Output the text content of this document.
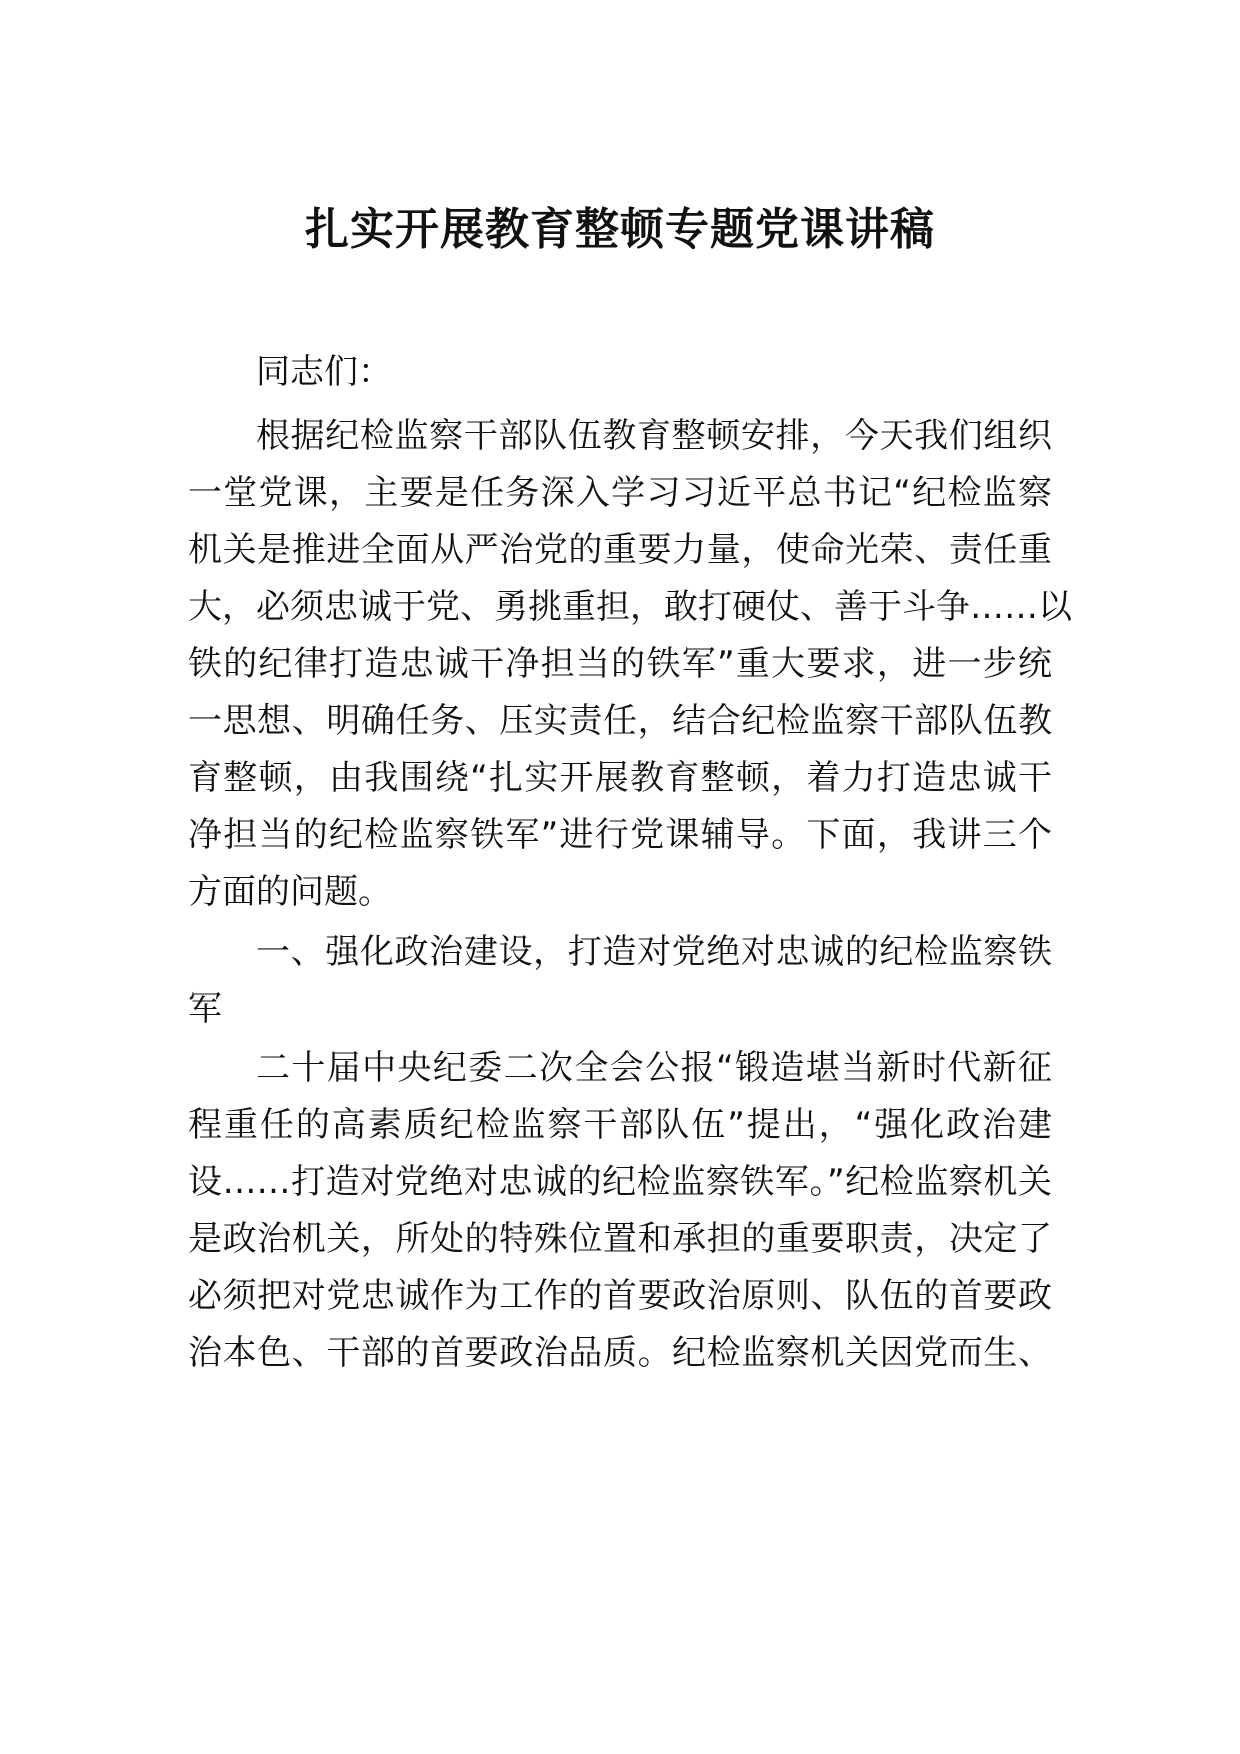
扎实开展教育整顿专题党课讲稿
同志们：
根据纪检监察干部队伍教育整顿安排，今天我们组织
一堂党课，主要是任务深入学习习近平总书记“纪检监察
机关是推进全面从严治党的重要力量，使命光荣、责任重
大，必须忠诚于党、勇挑重担，敢打硬仗、善于斗争……以
铁的纪律打造忠诚干净担当的铁军”重大要求，进一步统
一思想、明确任务、压实责任，结合纪检监察干部队伍教
育整顿，由我围绕“扎实开展教育整顿，着力打造忠诚干
净担当的纪检监察铁军”进行党课辅导。下面，我讲三个
方面的问题。
一、强化政治建设，打造对党绝对忠诚的纪检监察铁
军
二十届中央纪委二次全会公报“锻造堪当新时代新征
程重任的高素质纪检监察干部队伍”提出，“强化政治建
设……打造对党绝对忠诚的纪检监察铁军。”纪检监察机关
是政治机关，所处的特殊位置和承担的重要职责，决定了
必须把对党忠诚作为工作的首要政治原则、队伍的首要政
治本色、干部的首要政治品质。纪检监察机关因党而生、
